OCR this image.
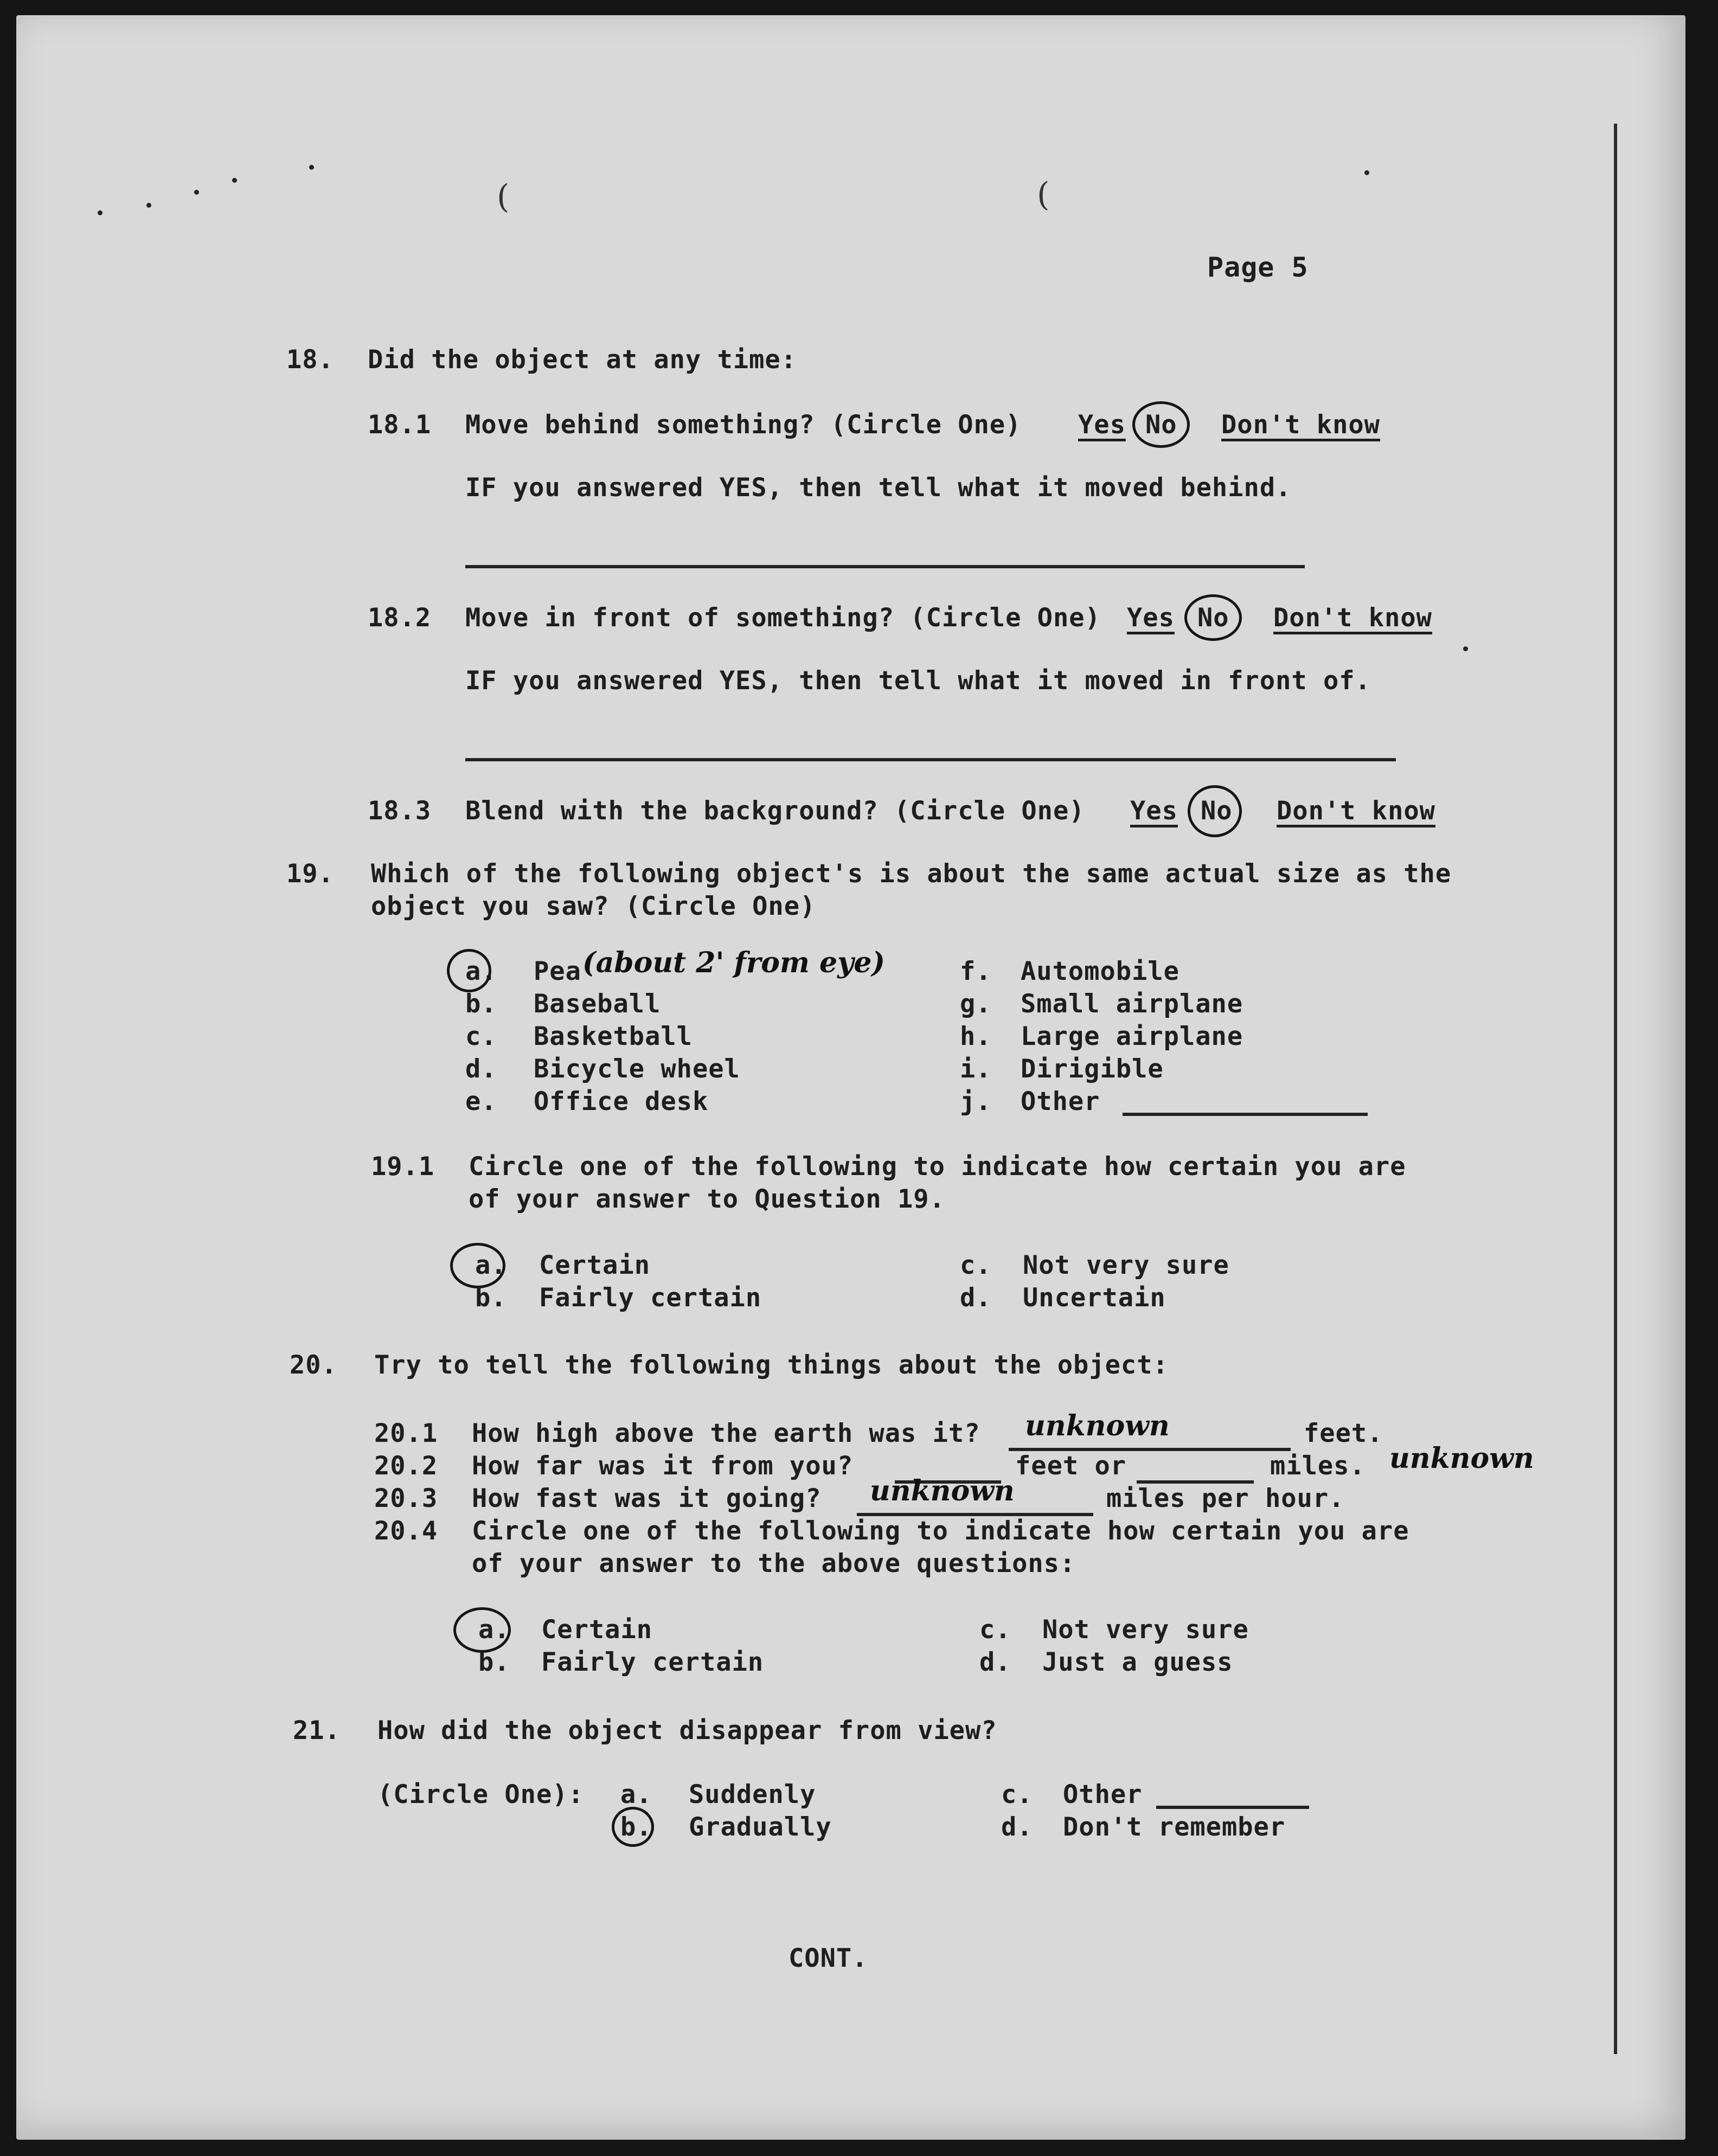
(	(
Page 5
18. Did the object at any time:
18.1 Move behind something? (Circle One) Yes No Don't know
IF you answered YES, then tell what it moved behind.
18.2 Move in front of something? (Circle One) Yes No Don't know
IF you answered YES, then tell what it moved in front of.
18.3 Blend with the background? (Circle One) Yes No Don't know
19. Which of the following object's is about the same actual size as the
object you saw? (Circle One)
a. Pea (about 2' from eye)
b. Baseball
c. Basketball
d. Bicycle wheel
e. Office desk
f. Automobile
g. Small airplane
h. Large airplane
i. Dirigible
j. Other
19.1 Circle one of the following to indicate how certain you are
of your answer to Question 19.
a. Certain
b. Fairly certain
c. Not very sure
d. Uncertain
20. Try to tell the following things about the object:
20.1 How high above the earth was it? unknown	feet.
20.2 How far was it from you?	feet or	miles. unknown
20.3 How fast was it going? unknown	miles per hour.
20.4 Circle one of the following to indicate how certain you are
of your answer to the above questions:
a. Certain
b. Fairly certain
c. Not very sure
d. Just a guess
21. How did the object disappear from view?
(Circle One): a. Suddenly
b. Gradually
c. Other
d. Don't remember
CONT.
